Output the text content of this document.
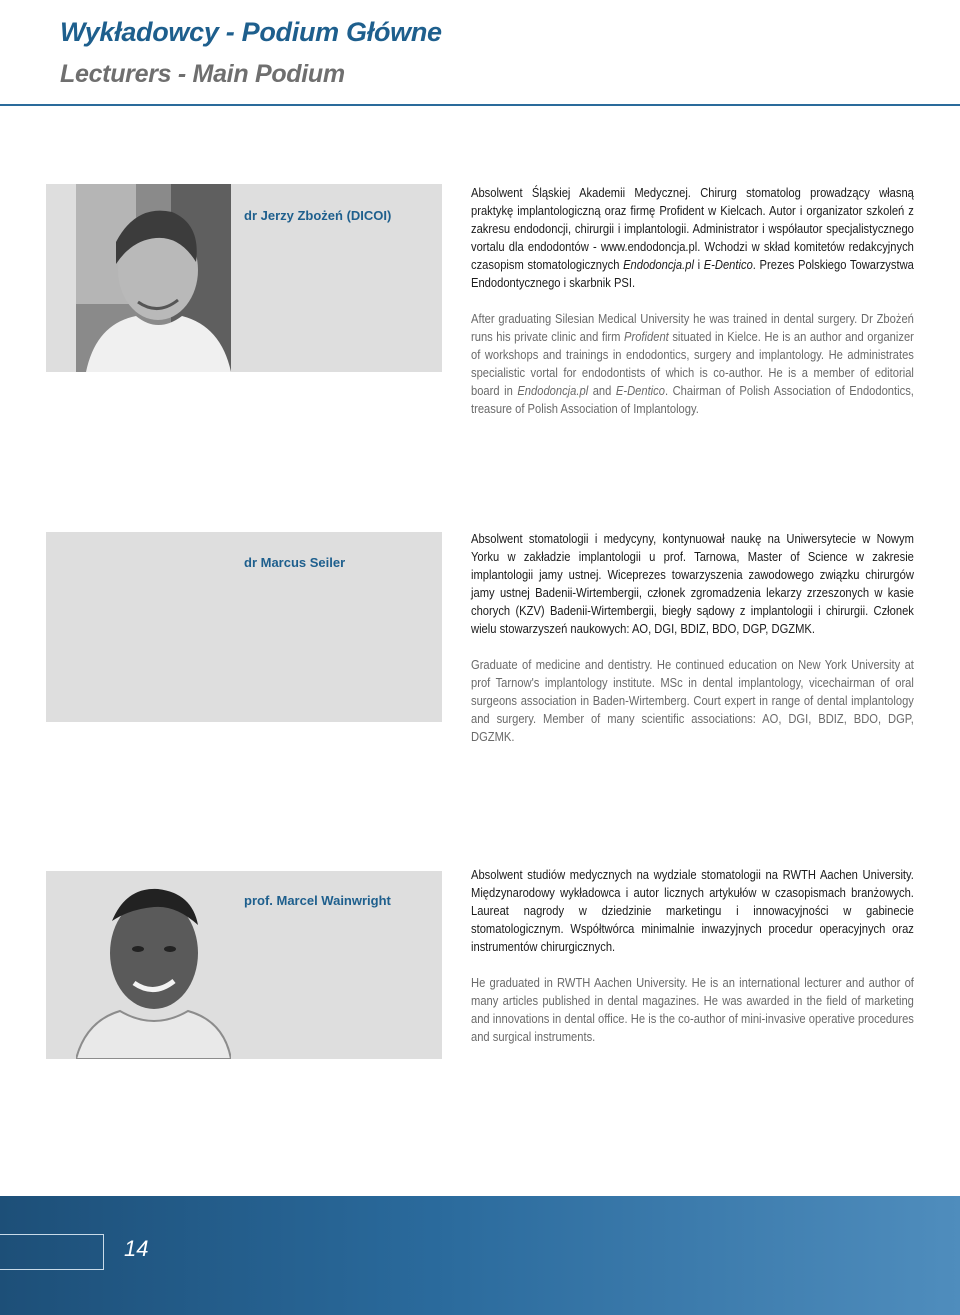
Wykładowcy - Podium Główne
Lecturers - Main Podium
dr Jerzy Zbożeń (DICOI)

Absolwent Śląskiej Akademii Medycznej. Chirurg stomatolog prowadzący własną praktykę implantologiczną oraz firmę Profident w Kielcach. Autor i organizator szkoleń z zakresu endodoncji, chirurgii i implantologii. Administrator i współautor specjalistycznego vortalu dla endodontów - www.endodoncja.pl. Wchodzi w skład komitetów redakcyjnych czasopism stomatologicznych Endodoncja.pl i E-Dentico. Prezes Polskiego Towarzystwa Endodontycznego i skarbnik PSI.

After graduating Silesian Medical University he was trained in dental surgery. Dr Zbożeń runs his private clinic and firm Profident situated in Kielce. He is an author and organizer of workshops and trainings in endodontics, surgery and implantology. He administrates specialistic vortal for endodontists of which is co-author. He is a member of editorial board in Endodoncja.pl and E-Dentico. Chairman of Polish Association of Endodontics, treasure of Polish Association of Implantology.

dr Marcus Seiler

Absolwent stomatologii i medycyny, kontynuował naukę na Uniwersytecie w Nowym Yorku w zakładzie implantologii u prof. Tarnowa, Master of Science w zakresie implantologii jamy ustnej. Wiceprezes towarzyszenia zawodowego związku chirurgów jamy ustnej Badenii-Wirtembergii, członek zgromadzenia lekarzy zrzeszonych w kasie chorych (KZV) Badenii-Wirtembergii, biegły sądowy z implantologii i chirurgii. Członek wielu stowarzyszeń naukowych: AO, DGI, BDIZ, BDO, DGP, DGZMK.

Graduate of medicine and dentistry. He continued education on New York University at prof Tarnow's implantology institute. MSc in dental implantology, vicechairman of oral surgeons association in Baden-Wirtemberg. Court expert in range of dental implantology and surgery. Member of many scientific associations: AO, DGI, BDIZ, BDO, DGP, DGZMK.

prof. Marcel Wainwright

Absolwent studiów medycznych na wydziale stomatologii na RWTH Aachen University. Międzynarodowy wykładowca i autor licznych artykułów w czasopismach branżowych. Laureat nagrody w dziedzinie marketingu i innowacyjności w gabinecie stomatologicznym. Współtwórca minimalnie inwazyjnych procedur operacyjnych oraz instrumentów chirurgicznych.

He graduated in RWTH Aachen University. He is an international lecturer and author of many articles published in dental magazines. He was awarded in the field of marketing and innovations in dental office. He is the co-author of mini-invasive operative procedures and surgical instruments.

14
